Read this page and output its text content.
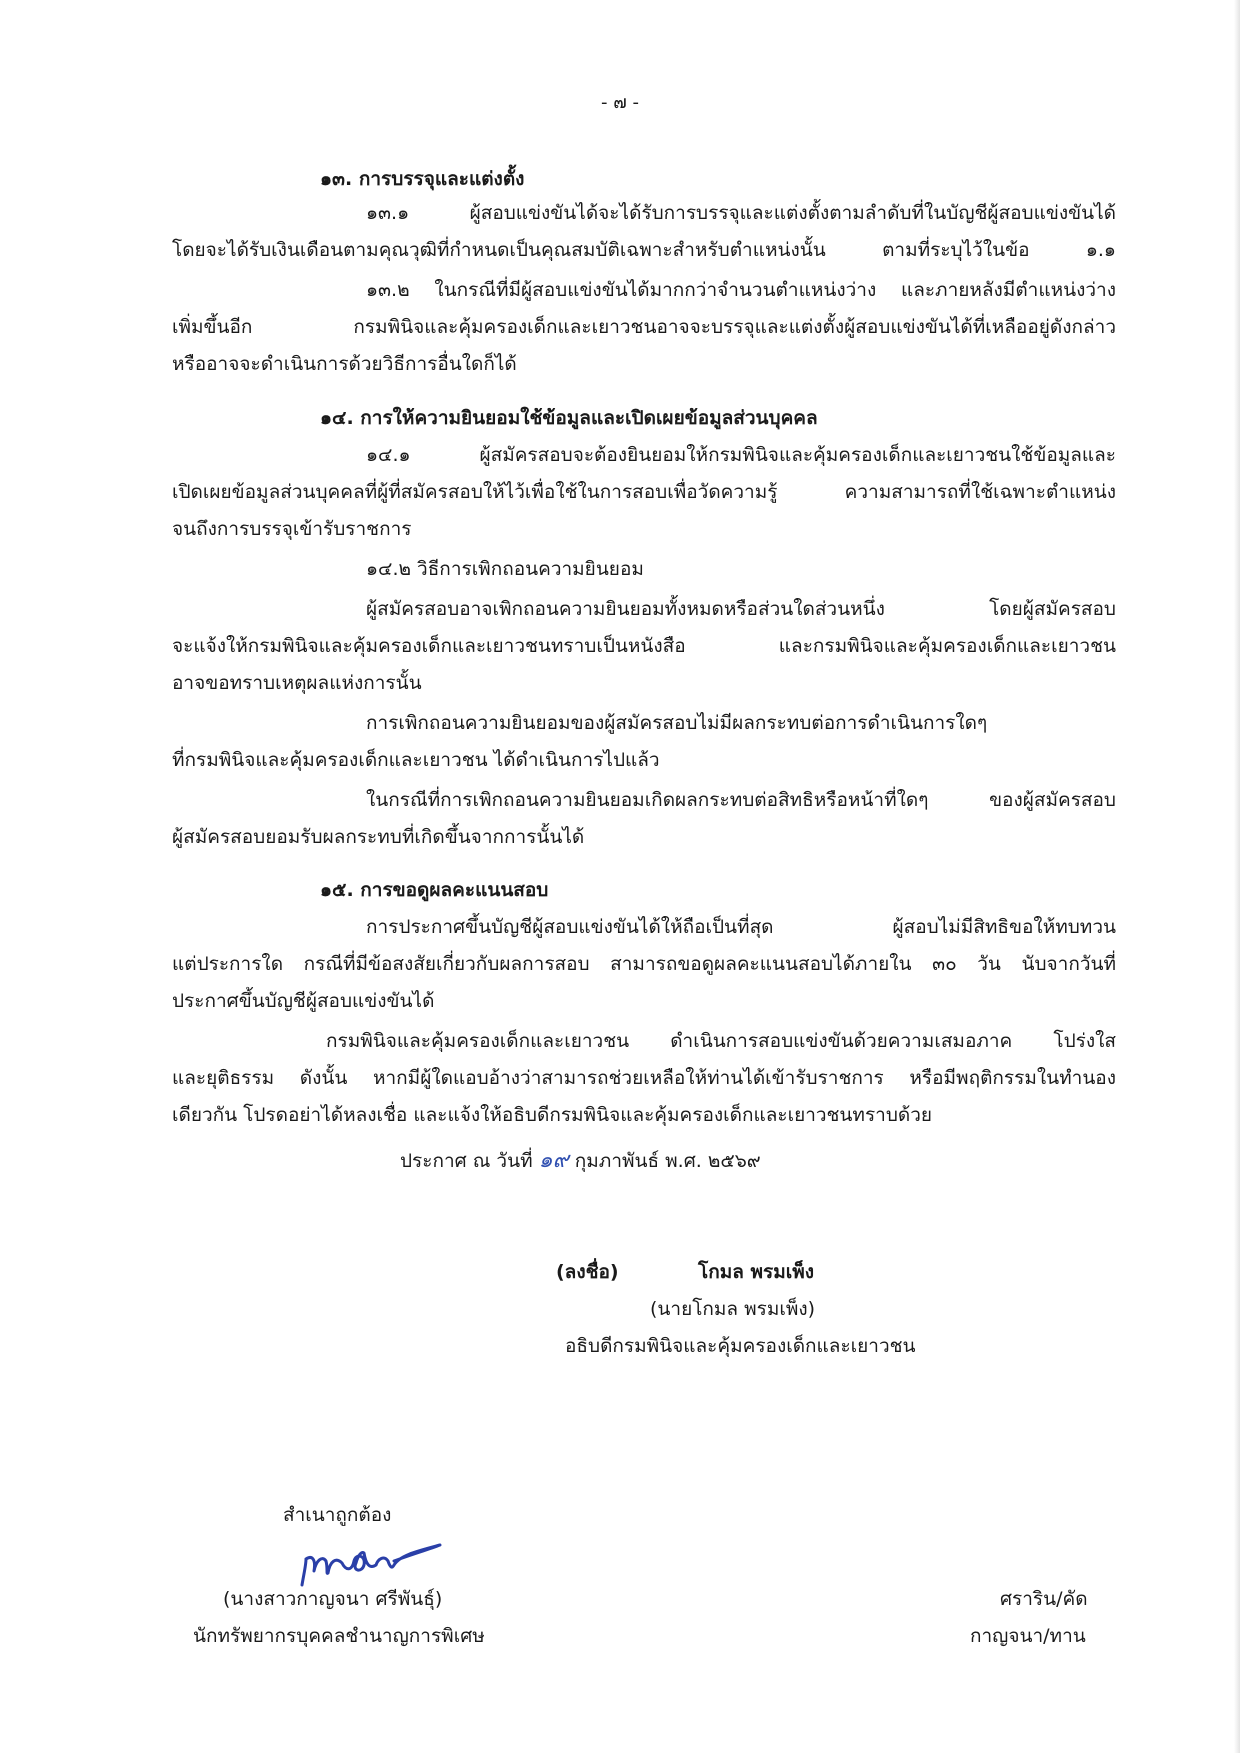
- ๗ -
๑๓. การบรรจุและแต่งตั้ง
๑๓.๑ ผู้สอบแข่งขันได้จะได้รับการบรรจุและแต่งตั้งตามลำดับที่ในบัญชีผู้สอบแข่งขันได้
โดยจะได้รับเงินเดือนตามคุณวุฒิที่กำหนดเป็นคุณสมบัติเฉพาะสำหรับตำแหน่งนั้น ตามที่ระบุไว้ในข้อ ๑.๑
๑๓.๒ ในกรณีที่มีผู้สอบแข่งขันได้มากกว่าจำนวนตำแหน่งว่าง และภายหลังมีตำแหน่งว่าง
เพิ่มขึ้นอีก กรมพินิจและคุ้มครองเด็กและเยาวชนอาจจะบรรจุและแต่งตั้งผู้สอบแข่งขันได้ที่เหลืออยู่ดังกล่าว
หรืออาจจะดำเนินการด้วยวิธีการอื่นใดก็ได้
๑๔. การให้ความยินยอมใช้ข้อมูลและเปิดเผยข้อมูลส่วนบุคคล
๑๔.๑ ผู้สมัครสอบจะต้องยินยอมให้กรมพินิจและคุ้มครองเด็กและเยาวชนใช้ข้อมูลและ
เปิดเผยข้อมูลส่วนบุคคลที่ผู้ที่สมัครสอบให้ไว้เพื่อใช้ในการสอบเพื่อวัดความรู้ ความสามารถที่ใช้เฉพาะตำแหน่ง
จนถึงการบรรจุเข้ารับราชการ
๑๔.๒ วิธีการเพิกถอนความยินยอม
ผู้สมัครสอบอาจเพิกถอนความยินยอมทั้งหมดหรือส่วนใดส่วนหนึ่ง โดยผู้สมัครสอบ
จะแจ้งให้กรมพินิจและคุ้มครองเด็กและเยาวชนทราบเป็นหนังสือ และกรมพินิจและคุ้มครองเด็กและเยาวชน
อาจขอทราบเหตุผลแห่งการนั้น
การเพิกถอนความยินยอมของผู้สมัครสอบไม่มีผลกระทบต่อการดำเนินการใดๆ
ที่กรมพินิจและคุ้มครองเด็กและเยาวชน ได้ดำเนินการไปแล้ว
ในกรณีที่การเพิกถอนความยินยอมเกิดผลกระทบต่อสิทธิหรือหน้าที่ใดๆ ของผู้สมัครสอบ
ผู้สมัครสอบยอมรับผลกระทบที่เกิดขึ้นจากการนั้นได้
๑๕. การขอดูผลคะแนนสอบ
การประกาศขึ้นบัญชีผู้สอบแข่งขันได้ให้ถือเป็นที่สุด ผู้สอบไม่มีสิทธิขอให้ทบทวน
แต่ประการใด กรณีที่มีข้อสงสัยเกี่ยวกับผลการสอบ สามารถขอดูผลคะแนนสอบได้ภายใน ๓๐ วัน นับจากวันที่
ประกาศขึ้นบัญชีผู้สอบแข่งขันได้
กรมพินิจและคุ้มครองเด็กและเยาวชน ดำเนินการสอบแข่งขันด้วยความเสมอภาค โปร่งใส
และยุติธรรม ดังนั้น หากมีผู้ใดแอบอ้างว่าสามารถช่วยเหลือให้ท่านได้เข้ารับราชการ หรือมีพฤติกรรมในทำนอง
เดียวกัน โปรดอย่าได้หลงเชื่อ และแจ้งให้อธิบดีกรมพินิจและคุ้มครองเด็กและเยาวชนทราบด้วย
ประกาศ ณ วันที่ ๑๙ กุมภาพันธ์ พ.ศ. ๒๕๖๙
(ลงชื่อ)	โกมล พรมเพ็ง
(นายโกมล พรมเพ็ง)
อธิบดีกรมพินิจและคุ้มครองเด็กและเยาวชน
สำเนาถูกต้อง
(นางสาวกาญจนา ศรีพันธุ์)
นักทรัพยากรบุคคลชำนาญการพิเศษ
ศราริน/คัด
กาญจนา/ทาน
